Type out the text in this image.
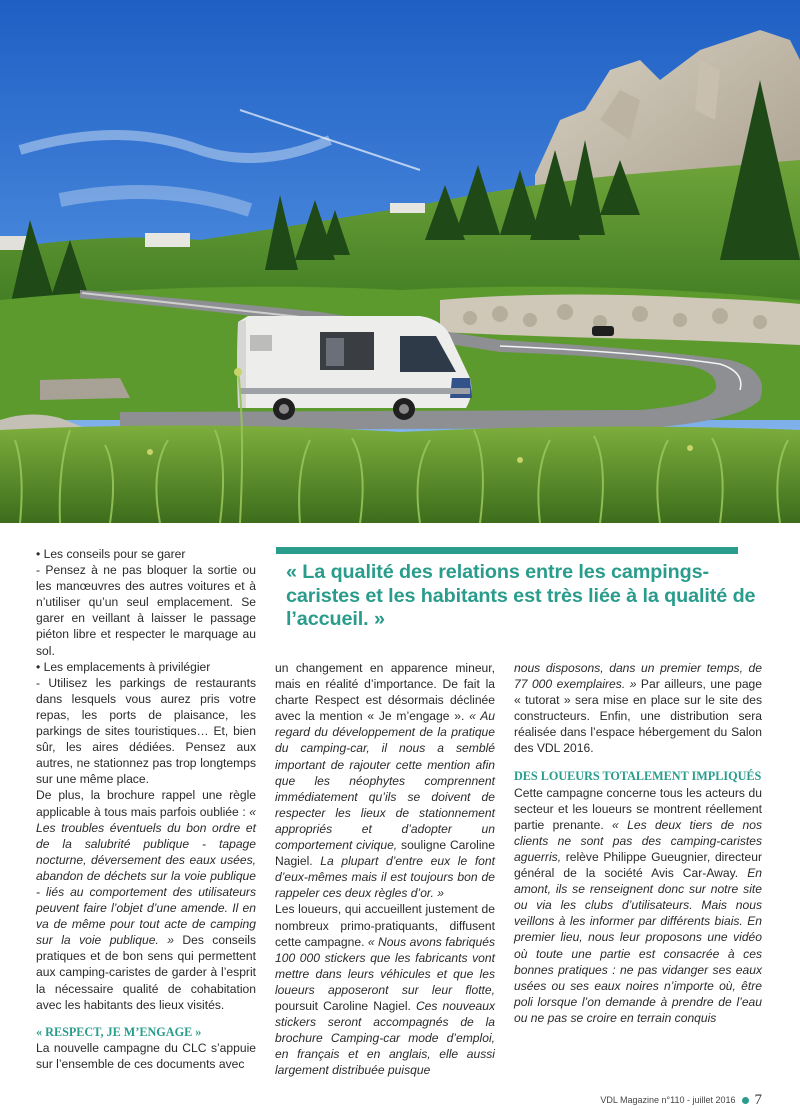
« La qualité des relations entre les campings-caristes et les habitants est très liée à la qualité de l’accueil. »

• Les conseils pour se garer

- Pensez à ne pas bloquer la sortie ou les manœuvres des autres voitures et à n’utiliser qu’un seul emplacement. Se garer en veillant à laisser le passage piéton libre et respecter le marquage au sol.

• Les emplacements à privilégier

- Utilisez les parkings de restaurants dans lesquels vous aurez pris votre repas, les ports de plaisance, les parkings de sites touristiques… Et, bien sûr, les aires dédiées. Pensez aux autres, ne stationnez pas trop longtemps sur une même place.

De plus, la brochure rappel une règle applicable à tous mais parfois oubliée : « Les troubles éventuels du bon ordre et de la salubrité publique - tapage nocturne, déversement des eaux usées, abandon de déchets sur la voie publique - liés au comportement des utilisateurs peuvent faire l’objet d’une amende. Il en va de même pour tout acte de camping sur la voie publique. » Des conseils pratiques et de bon sens qui permettent aux camping-caristes de garder à l’esprit la nécessaire qualité de cohabitation avec les habitants des lieux visités.

« RESPECT, JE M’ENGAGE »

La nouvelle campagne du CLC s’appuie sur l’ensemble de ces documents avec

un changement en apparence mineur, mais en réalité d’importance. De fait la charte Respect est désormais déclinée avec la mention « Je m’engage ». « Au regard du développement de la pratique du camping-car, il nous a semblé important de rajouter cette mention afin que les néophytes comprennent immédiatement qu’ils se doivent de respecter les lieux de stationnement appropriés et d’adopter un comportement civique, souligne Caroline Nagiel. La plupart d’entre eux le font d’eux-mêmes mais il est toujours bon de rappeler ces deux règles d’or. »

Les loueurs, qui accueillent justement de nombreux primo-pratiquants, diffusent cette campagne. « Nous avons fabriqués 100 000 stickers que les fabricants vont mettre dans leurs véhicules et que les loueurs apposeront sur leur flotte, poursuit Caroline Nagiel. Ces nouveaux stickers seront accompagnés de la brochure Camping-car mode d’emploi, en français et en anglais, elle aussi largement distribuée puisque

nous disposons, dans un premier temps, de 77 000 exemplaires. » Par ailleurs, une page « tutorat » sera mise en place sur le site des constructeurs. Enfin, une distribution sera réalisée dans l’espace hébergement du Salon des VDL 2016.

DES LOUEURS TOTALEMENT IMPLIQUÉS

Cette campagne concerne tous les acteurs du secteur et les loueurs se montrent réellement partie prenante. « Les deux tiers de nos clients ne sont pas des camping-caristes aguerris, relève Philippe Gueugnier, directeur général de la société Avis Car-Away. En amont, ils se renseignent donc sur notre site ou via les clubs d’utilisateurs. Mais nous veillons à les informer par différents biais. En premier lieu, nous leur proposons une vidéo où toute une partie est consacrée à ces bonnes pratiques : ne pas vidanger ses eaux usées ou ses eaux noires n’importe où, être poli lorsque l’on demande à prendre de l’eau ou ne pas se croire en terrain conquis

VDL Magazine n°110 - juillet 2016 7
